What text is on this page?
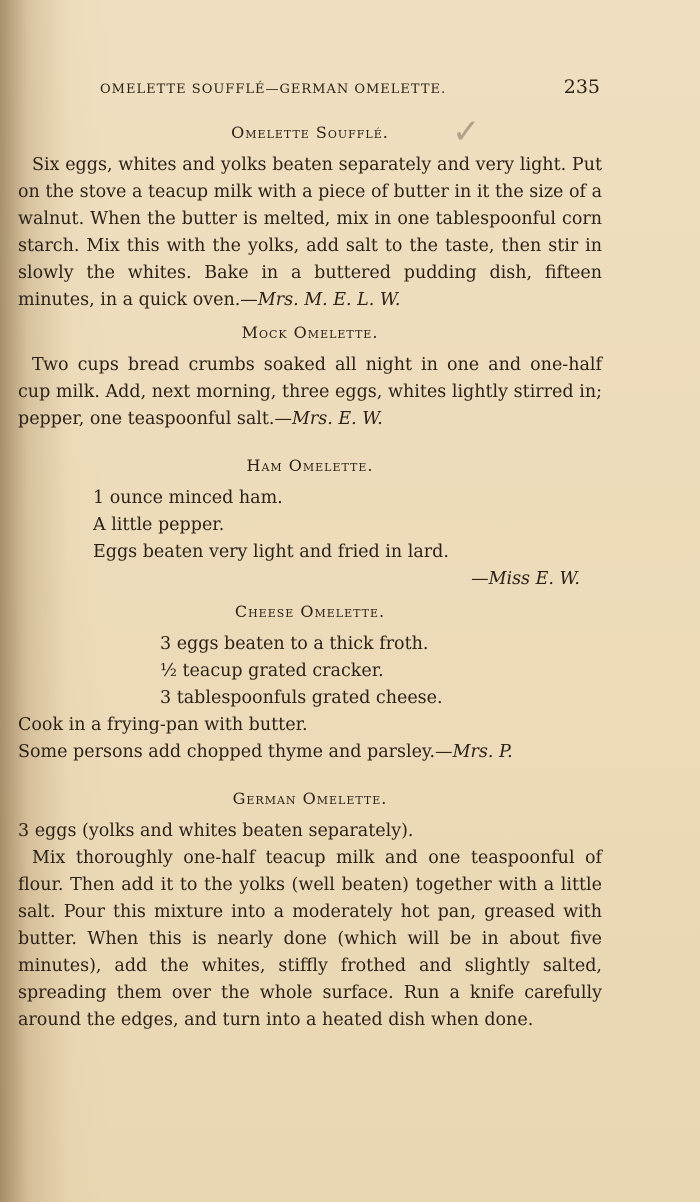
OMELETTE SOUFFLÉ—GERMAN OMELETTE.	235
✓
Omelette Soufflé.

Six eggs, whites and yolks beaten separately and very light. Put on the stove a teacup milk with a piece of butter in it the size of a walnut. When the butter is melted, mix in one tablespoonful corn starch. Mix this with the yolks, add salt to the taste, then stir in slowly the whites. Bake in a buttered pudding dish, fifteen minutes, in a quick oven.—Mrs. M. E. L. W.

Mock Omelette.

Two cups bread crumbs soaked all night in one and one-half cup milk. Add, next morning, three eggs, whites lightly stirred in; pepper, one teaspoonful salt.—Mrs. E. W.

Ham Omelette.

1 ounce minced ham.

A little pepper.

Eggs beaten very light and fried in lard.

—Miss E. W.

Cheese Omelette.

3 eggs beaten to a thick froth.

½ teacup grated cracker.

3 tablespoonfuls grated cheese.

Cook in a frying-pan with butter.

Some persons add chopped thyme and parsley.—Mrs. P.

German Omelette.

3 eggs (yolks and whites beaten separately).

Mix thoroughly one-half teacup milk and one teaspoonful of flour. Then add it to the yolks (well beaten) together with a little salt. Pour this mixture into a moderately hot pan, greased with butter. When this is nearly done (which will be in about five minutes), add the whites, stiffly frothed and slightly salted, spreading them over the whole surface. Run a knife carefully around the edges, and turn into a heated dish when done.
